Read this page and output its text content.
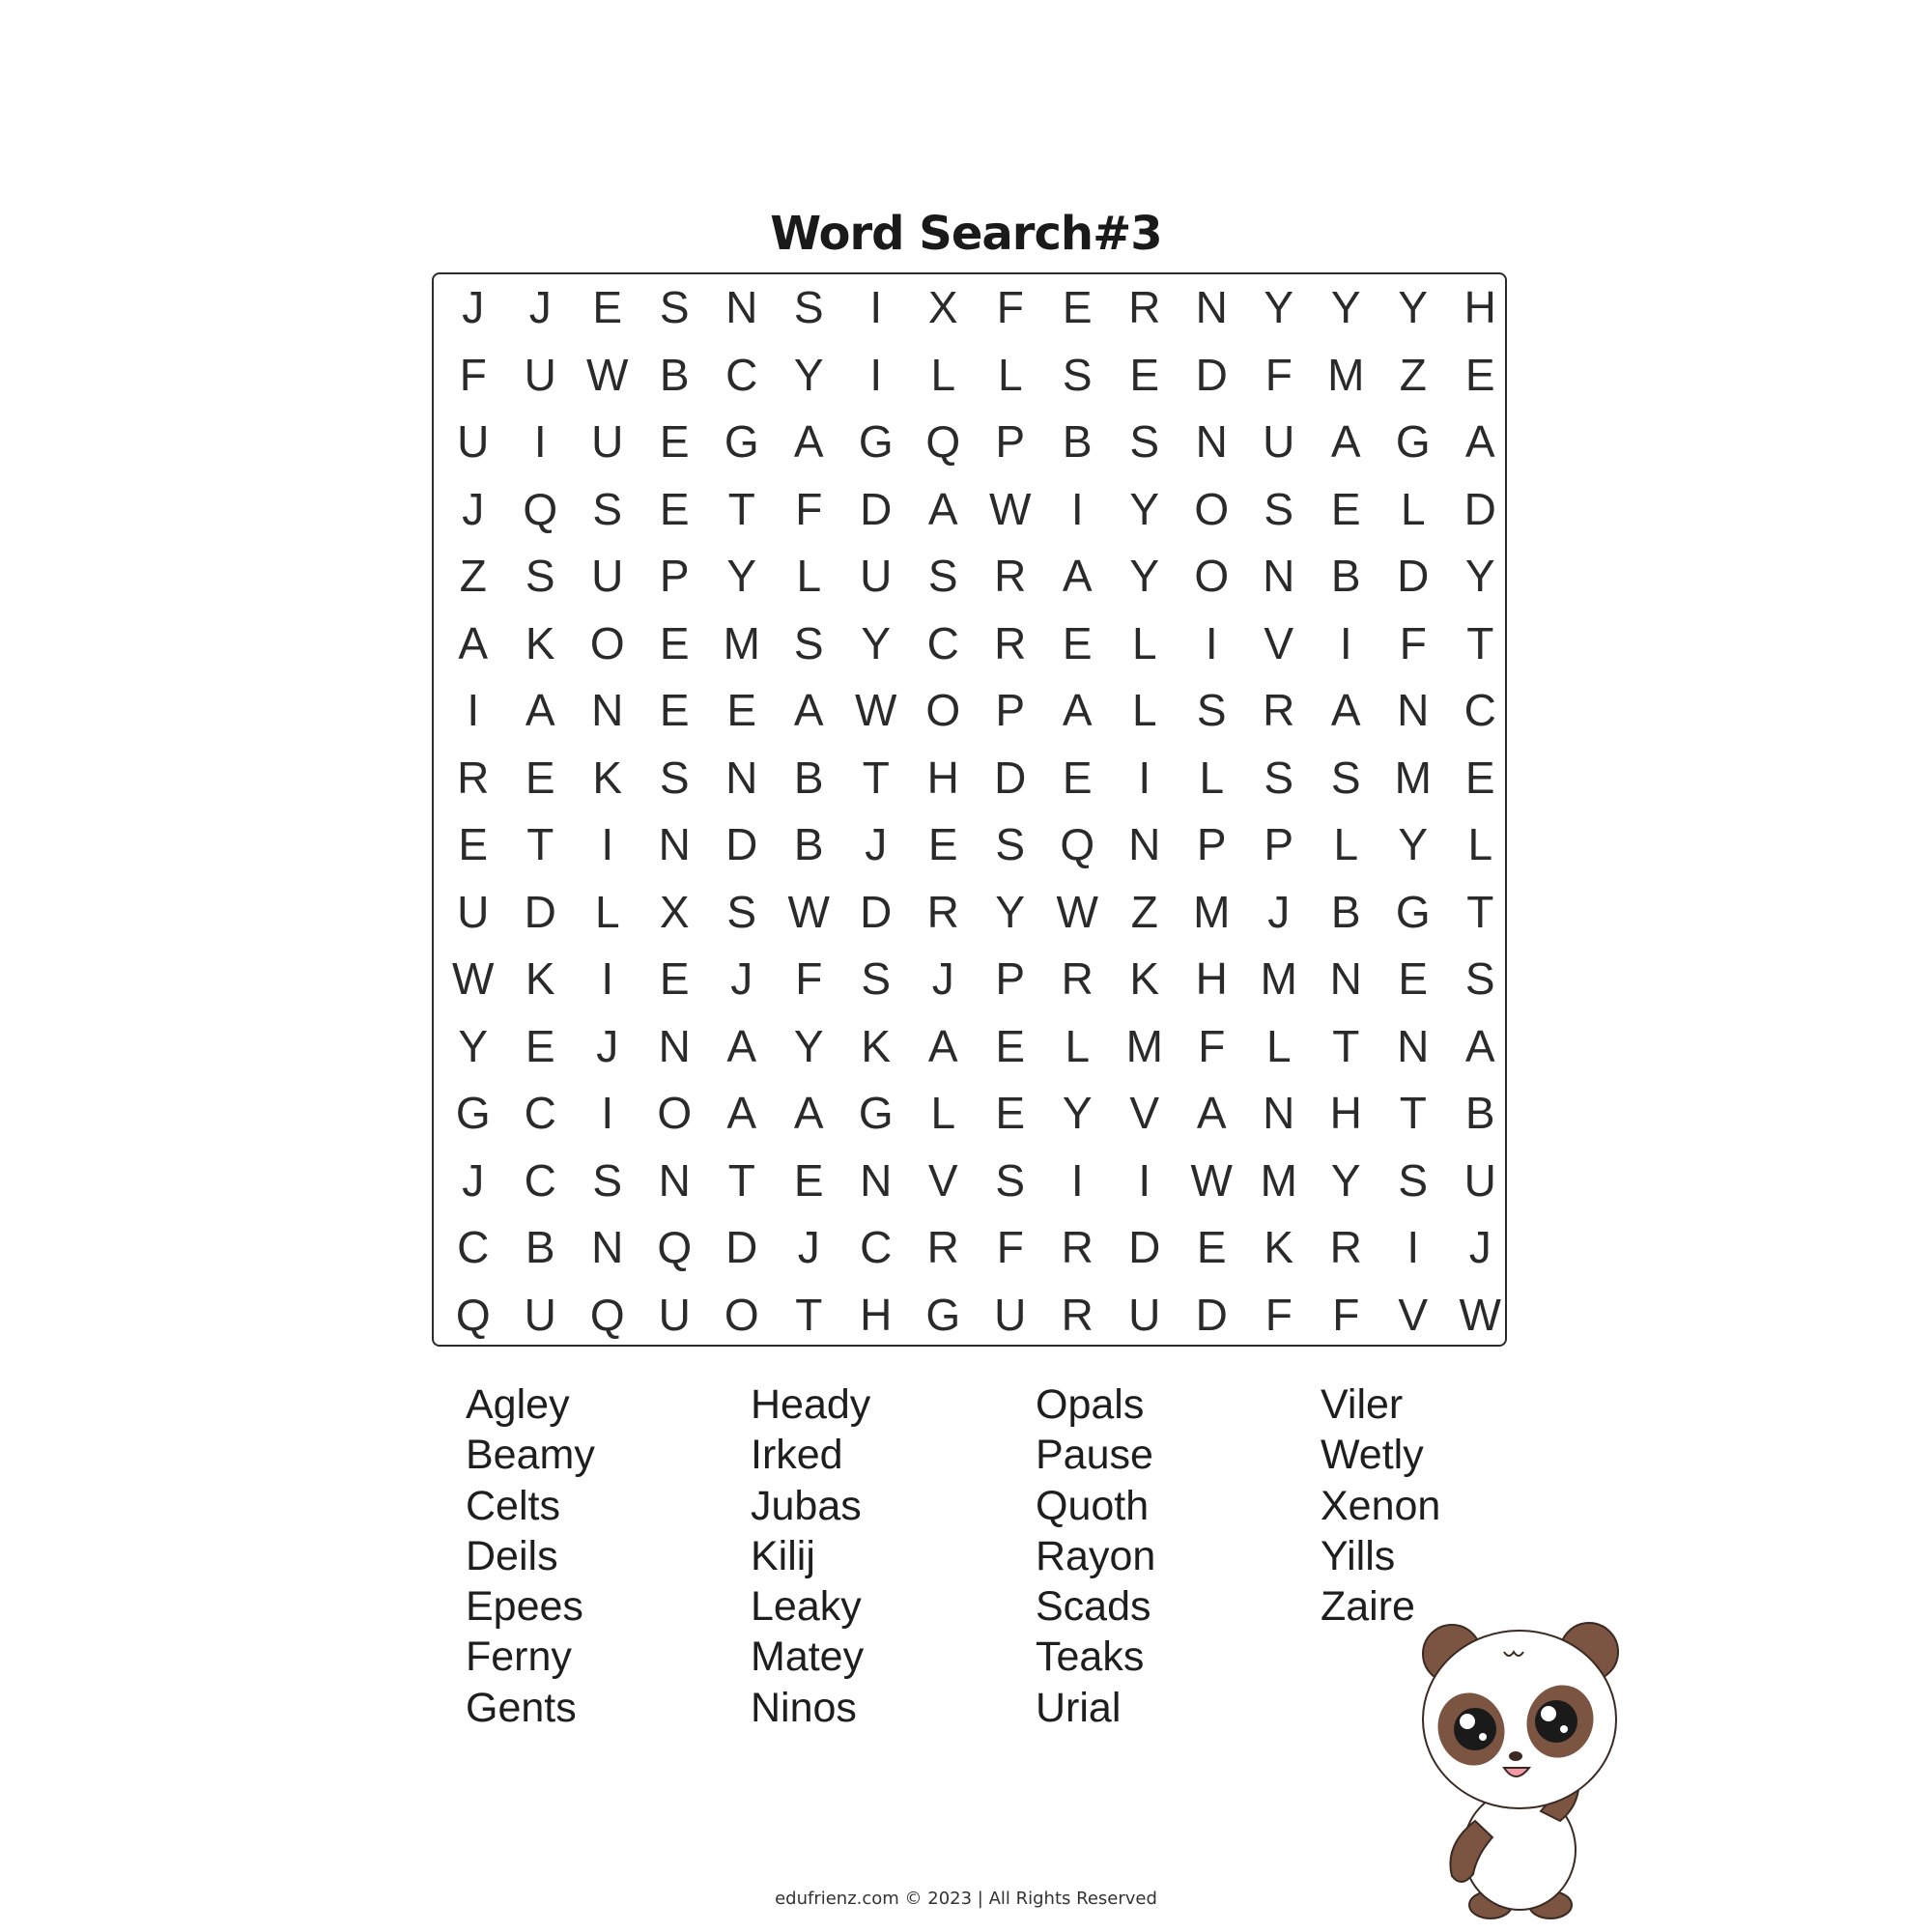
Word Search#3
J	J E S N S	I	X F E R N Y Y Y H
F U W B C Y	I	L L S E D F M Z E
U	I	U E G A G Q P B S N U A G A
J Q S E T F D A W I	Y O S E L D
Z S U P Y L U S R A Y O N B D Y
A K O E M S Y C R E L	I	V	I	F T
I	A N E E A W O P A L S R A N C
R E K S N B T H D E	I	L S S M E
E T	I	N D B J E S Q N P P L Y L
U D L X S W D R Y W Z M J B G T
W K	I	E J F S J P R K H M N E S
Y E J N A Y K A E L M F L T N A
G C	I O A A G L E Y V A N H T B
J C S N T E N V S	I	I W M Y S U
C B N Q D J C R F R D E K R	I	J
Q U Q U O T H G U R U D F F V W
Agley
Beamy
Celts
Deils
Epees
Ferny
Gents
Heady
Irked
Jubas
Kilij
Leaky
Matey
Ninos
Opals
Pause
Quoth
Rayon
Scads
Teaks
Urial
Viler
Wetly
Xenon
Yills
Zaire
edufrienz.com © 2023 | All Rights Reserved
